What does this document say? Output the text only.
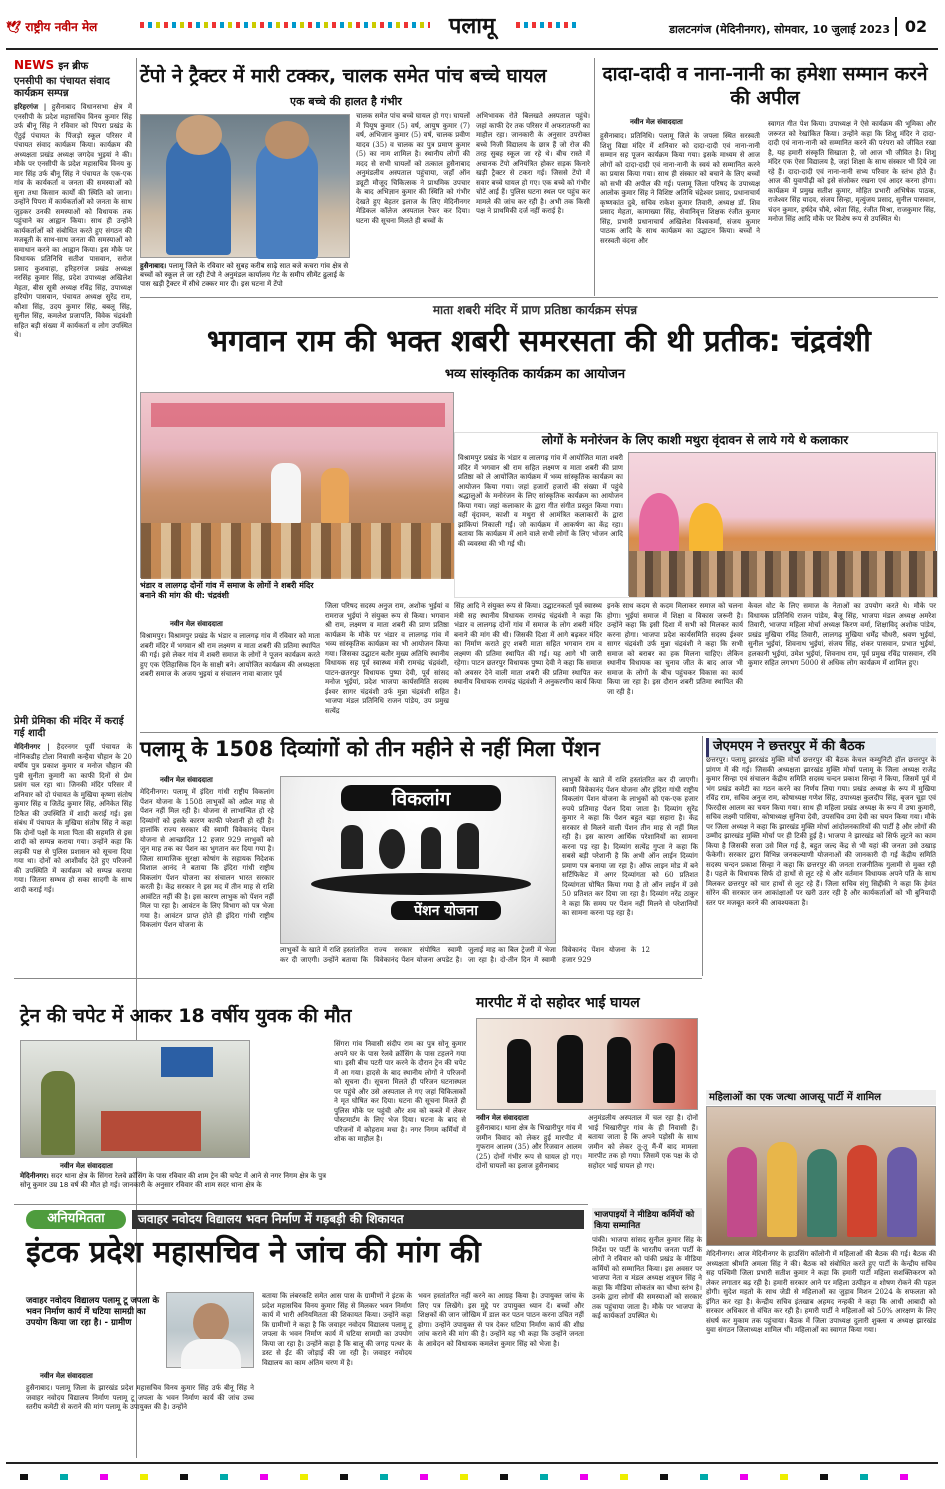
🕊 राष्ट्रीय नवीन मेल	पलामू	डालटनगंज (मेदिनीनगर), सोमवार, 10 जुलाई 2023 02
NEWS इन ब्रीफ
एनसीपी का पंचायत संवाद कार्यक्रम सम्पन्न
हरिहरगंज | हुसैनाबाद विधानसभा क्षेत्र में एनसीपी के प्रदेश महासचिव विनय कुमार सिंह उर्फ बीनू सिंह ने रविवार को पिपरा प्रखंड के ऐंठुई पंचायत के पिंजड़ो स्कूल परिसर में पंचायत संवाद कार्यक्रम किया। कार्यक्रम की अध्यक्षता प्रखंड अध्यक्ष जगदेव भुइयां ने की। मौके पर एनसीपी के प्रदेश महासचिव विनय कु मार सिंह उर्फ बीनू सिंह ने पंचायत के एक-एक गांव के कार्यकर्ता व जनता की समस्याओं को सुना तथा किसान कार्यों की स्थिति को जाना। उन्होंने पिपरा में कार्यकर्ताओं को जनता के साथ जुड़कर उनकी समस्याओं को विधायक तक पहुंचाने का आह्वान किया। साथ ही उन्होंने कार्यकर्ताओं को संबोधित करते हुए संगठन की मजबूती के साथ-साथ जनता की समस्याओं को समाधान करने का आह्वान किया। इस मौके पर विधायक प्रतिनिधि सतीश पासवान, सरोज प्रसाद कुशवाहा, हरिहरगंज प्रखंड अध्यक्ष नरसिंह कुमार सिंह, प्रदेश उपाध्यक्ष अखिलेश मेहता, बीस सूत्री अध्यक्ष रविंद्र सिंह, उपाध्यक्ष हरियोग पासवान, पंचायत अध्यक्ष सुरेंद्र राम, कौशा सिंह, उदय कुमार सिंह, बबलू सिंह, सुनील सिंह, कमलेश प्रजापति, विवेक चंद्रवंशी सहित बड़ी संख्या में कार्यकर्ता व लोग उपस्थित थे।
प्रेमी प्रेमिका की मंदिर में कराई गई शादी
मेदिनीनगर | हैदरनगर पूर्वी पंचायत के नोनिकडीह टोला निवासी कन्हैया चौहान के 20 वर्षीय पुत्र प्रकाश कुमार व मनोज चौहान की पुत्री सुनीता कुमारी का काफी दिनों से प्रेम प्रसंग चल रहा था। जिनकी मंदिर परिसर में शनिवार को दो पंचायत के मुखिया कृष्णा संतोष कुमार सिंह व जितेंद्र कुमार सिंह, अनिकेत सिंह टिकैत की उपस्थिति में शादी कराई गई। इस संबंध में पंचायत के मुखिया संतोष सिंह ने कहा कि दोनों पक्षों के माता पिता की सहमति से इस शादी को सम्पन्न कराया गया। उन्होंने कहा कि लड़की पक्ष से पुलिस प्रशासन को सूचना दिया गया था। दोनों को आशीर्वाद देते हुए परिजनों की उपस्थिति में कार्यक्रम को सम्पन्न कराया गया। जितना सम्भव हो सका सादगी के साथ शादी कराई गई।
टेंपो ने ट्रैक्टर में मारी टक्कर, चालक समेत पांच बच्चे घायल
एक बच्चे की हालत है गंभीर
हुसैनाबाद। पलामू जिले के रविवार को सुबह करीब साढ़े सात बजे कचरा गांव क्षेत्र से बच्चों को स्कूल ले जा रही टेंपो ने अनुमंडल कार्यालय गेट के समीप सीमेंट ढुलाई के पास खड़ी ट्रैक्टर में सीधे टक्कर मार दी। इस घटना में टेंपो
चालक समेत पांच बच्चे घायल हो गए। घायलों में पियूष कुमार (5) वर्ष, आयुष कुमार (7) वर्ष, अभिजान कुमार (5) वर्ष, चालक प्रवीण यादव (35) व चालक का पुत्र प्रमाण कुमार (5) का नाम शामिल है। स्थानीय लोगों की मदद से सभी घायलों को तत्काल हुसैनाबाद अनुमंडलीय अस्पताल पहुंचाया, जहाँ ऑन ड्यूटी मौजूद चिकित्सक ने प्राथमिक उपचार के बाद अभिज्ञान कुमार की स्थिति को गंभीर देखते हुए बेहतर इलाज के लिए मेदिनीनगर मेडिकल कॉलेज अस्पताल रेफर कर दिया। घटना की सूचना मिलते ही बच्चों के
अभिभावक रोते बिलखते अस्पताल पहुंचे। जहां काफी देर तक परिसर में अफरातफरी का माहौल रहा। जानकारी के अनुसार उपरोक्त बच्चे निजी विद्यालय के छात्र हैं जो रोज की तरह सुबह स्कूल जा रहे थे। बीच रास्ते में अचानक टेंपो अनियंत्रित होकर सड़क किनारे खड़ी ट्रैक्टर से टकरा गई। जिससे टेंपो में सवार बच्चे घायल हो गए। एक बच्चे को गंभीर चोटें आई हैं। पुलिस घटना स्थल पर पहुंच कर मामले की जांच कर रही है। अभी तक किसी पक्ष ने प्राथमिकी दर्ज नहीं कराई है।
दादा-दादी व नाना-नानी का हमेशा सम्मान करने की अपील
नवीन मेल संवाददाता
हुसैनाबाद। प्रतिनिधि। पलामू जिले के जपला स्थित सरस्वती शिशु विद्या मंदिर में शनिवार को दादा-दादी एवं नाना-नानी सम्मान सह पूजन कार्यक्रम किया गया। इसके माध्यम से आज लोगों को दादा-दादी एवं नाना-नानी के स्वयं को सम्मानित करने का प्रयास किया गया। साथ ही संस्कार को बचाने के लिए बच्चों को सभी की अपील की गई। पलामू जिला परिषद के उपाध्यक्ष आलोक कुमार सिंह ने विशिष्ट अतिथि चंद्रेश्वर प्रसाद, प्रधानाचार्य कृष्णकांत दुबे, सचिव राकेश कुमार तिवारी, अध्यक्ष डॉ. शिव प्रसाद मेहता, कामाख्या सिंह, सेवानिवृत्त शिक्षक रंजीत कुमार सिंह, प्रभारी प्रधानाचार्य अखिलेश विश्वकर्मा, संजय कुमार पाठक आदि के साथ कार्यक्रम का उद्घाटन किया। बच्चों ने सरस्वती वंदना और
स्वागत गीत पेश किया। उपाध्यक्ष ने ऐसे कार्यक्रम की भूमिका और जरूरत को रेखांकित किया। उन्होंने कहा कि शिशु मंदिर ने दादा-दादी एवं नाना-नानी को सम्मानित करने की परंपरा को जीवित रखा है, यह हमारी संस्कृति सिखाता है, जो आज भी जीवित है। शिशु मंदिर एक ऐसा विद्यालय है, जहां शिक्षा के साथ संस्कार भी दिये जा रहे हैं। दादा-दादी एवं नाना-नानी सभ्य परिवार के स्तंभ होते हैं। आज की युवापीढ़ी को इसे संजोकर रखना एवं आदर करना होगा। कार्यक्रम में प्रमुख सतीश कुमार, मोहित प्रभारी अभिषेक पाठक, राजेश्वर सिंह यादव, संजय सिन्हा, मृत्युंजय प्रसाद, सुनील पासवान, चंदन कुमार, हर्षदेव चौबे, श्वेता सिंह, रंजीत मिश्रा, राजकुमार सिंह, मनोज सिंह आदि मौके पर विशेष रूप से उपस्थित थे।
माता शबरी मंदिर में प्राण प्रतिष्ठा कार्यक्रम संपन्न
भगवान राम की भक्त शबरी समरसता की थी प्रतीक: चंद्रवंशी
भव्य सांस्कृतिक कार्यक्रम का आयोजन
भंडार व लालगढ़ दोनों गांव में समाज के लोगों ने शबरी मंदिर बनाने की मांग की थी: चंद्रवंशी
लोगों के मनोरंजन के लिए काशी मथुरा वृंदावन से लाये गये थे कलाकार
विश्रामपुर प्रखंड के भंडार व लालगढ़ गांव में आयोजित माता शबरी मंदिर में भगवान श्री राम सहित लक्ष्मण व माता शबरी की प्राण प्रतिष्ठा को ले आयोजित कार्यक्रम में भव्य सांस्कृतिक कार्यक्रम का आयोजन किया गया। जहां हजारों हजारों की संख्या में पहुंचे श्रद्धालुओं के मनोरंजन के लिए सांस्कृतिक कार्यक्रम का आयोजन किया गया। जहां कलाकार के द्वारा गीत संगीत प्रस्तुत किया गया। वहीं वृंदावन, काशी व मथुरा से आमंत्रित कलाकारों के द्वारा झांकियां निकाली गईं। जो कार्यक्रम में आकर्षण का केंद्र रहा। बताया कि कार्यक्रम में आने वाले सभी लोगों के लिए भोजन आदि की व्यवस्था की भी गई थी।
नवीन मेल संवाददाता
विश्रामपुर। विश्रामपुर प्रखंड के भंडार व लालगढ़ गांव में रविवार को माता शबरी मंदिर में भगवान श्री राम लक्ष्मण व माता शबरी की प्रतिमा स्थापित की गई। इसे लेकर गांव में शबरी समाज के लोगों ने पूजन कार्यक्रम करते हुए एक ऐतिहासिक दिन के साक्षी बने। आयोजित कार्यक्रम की अध्यक्षता शबरी समाज के अजय भुइयां व संचालन नावा बाजार पूर्व
जिला परिषद सदस्य अनुज राम, अशोक भुईयां व रामराज भुईयां ने संयुक्त रूप से किया। भगवान श्री राम, लक्ष्मण व माता शबरी की प्राण प्रतिष्ठा कार्यक्रम के मौके पर भंडार व लालगढ़ गांव में भव्य सांस्कृतिक कार्यक्रम का भी आयोजन किया गया। जिसका उद्घाटन बतौर मुख्य अतिथि स्थानीय विधायक सह पूर्व स्वास्थ्य मंत्री रामचंद्र चंद्रवंशी, पाटन-छतरपुर विधायक पुष्पा देवी, पूर्व सांसद मनोज भुईयां, प्रदेश भाजपा कार्यसमिति सदस्य ईश्वर सागर चंद्रवंशी उर्फ मुन्ना चंद्रवंशी सहित भाजपा मंडल प्रतिनिधि राजन पांडेय, उप प्रमुख सत्येंद्र
सिंह आदि ने संयुक्त रूप से किया। उद्घाटनकर्ता पूर्व स्वास्थ्य मंत्री सह स्थानीय विधायक रामचंद्र चंद्रवंशी ने कहा कि भंडार व लालगढ़ दोनों गांव में समाज के लोग शबरी मंदिर बनाने की मांग की थी। जिसकी दिशा में आगे बढ़कर मंदिर का निर्माण कराते हुए शबरी माता सहित भगवान राम व लक्ष्मण की प्रतिमा स्थापित की गई। यह आगे भी जारी रहेगा। पाटन छतरपुर विधायक पुष्पा देवी ने कहा कि समाज को अवसर देने वाली माता शबरी की प्रतिमा स्थापित कर स्थानीय विधायक रामचंद्र चंद्रवंशी ने अनुकरणीय कार्य किया है।
इनके साथ कदम से कदम मिलाकर समाज को चलना होगा। भुईयां समाज में शिक्षा व विकास जरूरी है। उन्होंने कहा कि इसी दिशा में सभी को मिलकर कार्य करना होगा। भाजपा प्रदेश कार्यसमिति सदस्य ईश्वर सागर चंद्रवंशी उर्फ मुन्ना चंद्रवंशी ने कहा कि सभी समाज को बराबर का हक मिलना चाहिए। लेकिन स्थानीय विधायक का चुनाव जीत के बाद आज भी समाज के लोगों के बीच पहुंचकर विकास का कार्य किया जा रहा है। इस दौरान शबरी प्रतिमा स्थापित की जा रही है।
केवल वोट के लिए समाज के नेताओं का उपयोग करते थे। मौके पर विधायक प्रतिनिधि राजन पांडेय, बैजू सिंह, भाजपा मंडल अध्यक्ष अमरेश तिवारी, भाजपा महिला मोर्चा अध्यक्ष किरण वर्मा, शिक्षाविद् अशोक पांडेय, प्रखंड मुखिया रविंद्र तिवारी, लालगढ़ मुखिया धर्मेंद्र चौधरी, श्रवण भुईयां, सुनील भुईयां, शिवनाथ भुईयां, संजय सिंह, शंकर पासवान, प्रभात भुईयां, हलकानी भुईयां, उमेश भुईयां, शिवनाथ राम, पूर्व प्रमुख रविंद्र पासवान, रवि कुमार सहित लगभग 5000 से अधिक लोग कार्यक्रम में शामिल हुए।
पलामू के 1508 दिव्यांगों को तीन महीने से नहीं मिला पेंशन
नवीन मेल संवाददाता
मेदिनीनगर। पलामू में इंदिरा गांधी राष्ट्रीय विकलांग पेंशन योजना के 1508 लाभुकों को अप्रैल माह से पेंशन नहीं मिल रही है। योजना से लाभान्वित हो रहे दिव्यांगों को इसके कारण काफी परेशानी हो रही है। हालांकि राज्य सरकार की स्वामी विवेकानंद पेंशन योजना से आच्छादित 12 हजार 929 लाभुकों को जून माह तक का पेंशन का भुगतान कर दिया गया है। जिला सामाजिक सुरक्षा कोषांग के सहायक निदेशक विशाल आनंद ने बताया कि इंदिरा गांधी राष्ट्रीय विकलांग पेंशन योजना का संचालन भारत सरकार करती है। केंद्र सरकार ने इस मद में तीन माह से राशि आवंटित नहीं की है। इस कारण लाभुक को पेंशन नहीं मिल पा रहा है। आवंटन के लिए विभाग को पत्र भेजा गया है। आवंटन प्राप्त होते ही इंदिरा गांधी राष्ट्रीय विकलांग पेंशन योजना के
विकलांग
पेंशन योजना
लाभुकों के खाते में राशि हस्तांतरित कर दी जाएगी। उन्होंने बताया कि राज्य सरकार संपोषित स्वामी विवेकानंद पेंशन योजना अपडेट है। जुलाई माह का बिल ट्रेजरी में भेजा जा रहा है। दो-तीन दिन में स्वामी विवेकानंद पेंशन योजना के 12 हजार 929
लाभुकों के खाते में राशि हस्तांतरित कर दी जाएगी। स्वामी विवेकानंद पेंशन योजना और इंदिरा गांधी राष्ट्रीय विकलांग पेंशन योजना के लाभुकों को एक-एक हजार रुपये प्रतिमाह पेंशन दिया जाता है। दिव्यांग सुरेंद्र कुमार ने कहा कि पेंशन बहुत बड़ा सहारा है। केंद्र सरकार से मिलने वाली पेंशन तीन माह से नहीं मिल रही है। इस कारण आर्थिक परेशानियों का सामना करना पड़ रहा है। दिव्यांग सत्येंद्र गुप्ता ने कहा कि सबसे बड़ी परेशानी है कि अभी ऑन लाईन दिव्यांग प्रमाण पत्र बनाया जा रहा है। ऑफ लाइन मोड में बने सर्टिफिकेट में अगर दिव्यांगता को 60 प्रतिशत दिव्यांगता घोषित किया गया है तो ऑन लाईन में उसे 50 प्रतिशत कर दिया जा रहा है। दिव्यांग नरेंद्र ठाकुर ने कहा कि समय पर पेंशन नहीं मिलने से परेशानियों का सामना करना पड़ रहा है।
जेएमएम ने छत्तरपुर में की बैठक
छत्तरपुर। पलामू झारखंड मुक्ति मोर्चा छत्तरपुर की बैठक केचल कम्युनिटी हॉल छत्तरपुर के प्रांगण में की गई। जिसकी अध्यक्षता झारखंड मुक्ति मोर्चा पलामू के जिला अध्यक्ष राजेंद्र कुमार सिन्हा एवं संचालन केंद्रीय समिति सदस्य चन्दन प्रकाश सिन्हा ने किया, जिसमें पूर्व में भंग प्रखंड कमेटी का गठन करने का निर्णय लिया गया। प्रखंड अध्यक्ष के रूप में मुखिया रविंद्र राम, सचिव अनुज राम, कोषाध्यक्ष गणेश सिंह, उपाध्यक्ष कुलदीप सिंह, बृजन चूड़ा एवं फिरदौस आलम का चयन किया गया। साथ ही महिला प्रखंड अध्यक्ष के रूप में उषा कुमारी, सचिव लक्ष्मी पासिया, कोषाध्यक्ष सुनिया देवी, उपसचिव उमा देवी का चयन किया गया। मौके पर जिला अध्यक्ष ने कहा कि झारखंड मुक्ति मोर्चा आंदोलनकारियों की पार्टी है और लोगों की उम्मीद झारखंड मुक्ति मोर्चा पर ही टिकी हुई है। भाजपा ने झारखंड को सिर्फ लूटने का काम किया है जिसकी सजा उसे मिल गई है, बहुत जल्द केंद्र से भी यहां की जनता उसे उखाड़ फेंकेगी। सरकार द्वारा विभिन्न जनकल्याणी योजनाओं की जानकारी दी गई केंद्रीय समिति सदस्य चन्दन प्रकाश सिन्हा ने कहा कि छत्तरपुर की जनता राजनीतिक गुलामी से मुक्त रही है। पहले के विधायक सिर्फ दो हाथों से लूट रहे थे और वर्तमान विधायक अपने पति के साथ मिलकर छत्तरपुर को चार हाथों से लूट रहे हैं। जिला सचिव संगु सिद्दीकी ने कहा कि हेमंत सोरेन की सरकार जन आकांक्षाओं पर खरी उतर रही है और कार्यकर्ताओं को भी बुनियादी स्तर पर मजबूत करने की आवश्यकता है।
महिलाओं का एक जत्था आजसू पार्टी में शामिल
मेदिनीनगर। आज मेदिनीनगर के हाउसिंग कॉलोनी में महिलाओं की बैठक की गई। बैठक की अध्यक्षता श्रीमति अमला सिंह ने की। बैठक को संबोधित करते हुए पार्टी के केन्द्रीय सचिव सह पश्चिमी जिला प्रभारी सतीश कुमार ने कहा कि हमारी पार्टी महिला सशक्तिकरण को लेकर लगातार बढ़ रही है। हमारी सरकार आने पर महिला उत्पीड़न व शोषण रोकने की पहल होगी। सुदेश महतो के साथ जेडी से महिलाओं का जुड़ाव मिशन 2024 के सफलता को इंगित कर रहा है। केन्द्रीय सचिव इंतखाब अहमद नन्हकी ने कहा कि आधी आबादी को सरकार अधिकार से वंचित कर रही है। हमारी पार्टी ने महिलाओं को 50% आरक्षण के लिए संघर्ष कर मुकाम तक पहुंचाया। बैठक में जिला उपाध्यक्ष दुलारी शुक्ला व अध्यक्ष झारखंड युवा संगठन जिलाध्यक्ष शामिल थीं। महिलाओं का स्वागत किया गया।
ट्रेन की चपेट में आकर 18 वर्षीय युवक की मौत
नवीन मेल संवाददाता
मेदिनीनगर। सदर थाना क्षेत्र के सिंगरा रेलवे क्रॉसिंग के पास रविवार की शाम ट्रेन की चपेट में आने से नगर निगम क्षेत्र के पुत्र सोनू कुमार उम्र 18 वर्ष की मौत हो गई। जानकारी के अनुसार रविवार की शाम सदर थाना क्षेत्र के
सिंगरा गांव निवासी संदीप राम का पुत्र सोनू कुमार अपने घर के पास रेलवे क्रॉसिंग के पास टहलने गया था। इसी बीच पटरी पार करने के दौरान ट्रेन की चपेट में आ गया। हादसे के बाद स्थानीय लोगों ने परिजनों को सूचना दी। सूचना मिलते ही परिजन घटनास्थल पर पहुंचे और उसे अस्पताल ले गए जहां चिकित्सकों ने मृत घोषित कर दिया। घटना की सूचना मिलते ही पुलिस मौके पर पहुंची और शव को कब्जे में लेकर पोस्टमार्टम के लिए भेज दिया। घटना के बाद से परिजनों में कोहराम मचा है। नगर निगम कर्मियों में शोक का माहौल है।
मारपीट में दो सहोदर भाई घायल
नवीन मेल संवाददाता
हुसैनाबाद। थाना क्षेत्र के भिखारीपुर गांव में जमीन विवाद को लेकर हुई मारपीट में गुफरान आलम (35) और रिजवान आलम (25) दोनों गंभीर रूप से घायल हो गए। दोनों घायलों का इलाज हुसैनाबाद
अनुमंडलीय अस्पताल में चल रहा है। दोनों भाई भिखारीपुर गांव के ही निवासी हैं। बताया जाता है कि अपने पड़ोसी के साथ जमीन को लेकर तू-तू मैं-मैं बाद मामला मारपीट तक हो गया। जिसमें एक पक्ष के दो सहोदर भाई घायल हो गए।
अनियमितता	जवाहर नवोदय विद्यालय भवन निर्माण में गड़बड़ी की शिकायत
इंटक प्रदेश महासचिव ने जांच की मांग की
जवाहर नवोदय विद्यालय पलामू टू जपला के भवन निर्माण कार्य में घटिया सामग्री का उपयोग किया जा रहा है। - ग्रामीण
नवीन मेल संवाददाता
हुसैनाबाद। पलामू जिला के झारखंड प्रदेश महासचिव विनय कुमार सिंह उर्फ बीनू सिंह ने जवाहर नवोदय विद्यालय निर्माण पलामू टू जपला के भवन निर्माण कार्य की जांच उच्च स्तरीय कमेटी से कराने की मांग पलामू के उपायुक्त की है। उन्होंने
बताया कि लंबरकटि समेत आस पास के ग्रामीणों ने इंटक के प्रदेश महासचिव विनय कुमार सिंह से मिलकर भवन निर्माण कार्य में भारी अनियमितता की शिकायत किया। उन्होंने कहा कि ग्रामीणों ने कहा है कि जवाहर नवोदय विद्यालय पलामू टू जपला के भवन निर्माण कार्य में घटिया सामग्री का उपयोग किया जा रहा है। उन्होंने कहा है कि बालू की जगह पत्थर के डस्ट से ईंट की जोड़ाई की जा रही है। जवाहर नवोदय विद्यालय का काम अंतिम चरण में है।
भवन हस्तांतरित नहीं करने का आग्रह किया है। उपायुक्त जांच के लिए पत्र लिखेंगे। इस मुद्दे पर उपायुक्त ध्यान दें। बच्चों और शिक्षकों की जान जोखिम में डाल कर पठन पाठन करना उचित नहीं होगा। उन्होंने उपायुक्त से पत्र देकर घटिया निर्माण कार्य की शीघ्र जांच कराने की मांग की है। उन्होंने यह भी कहा कि उन्होंने जनता के आवेदन को विधायक कमलेश कुमार सिंह को भेजा है।
भाजपाइयों ने मीडिया कर्मियों को किया सम्मानित
पांकी। भाजपा सांसद सुनील कुमार सिंह के निर्देश पर पार्टी के भारतीय जनता पार्टी के लोगों ने रविवार को पांकी प्रखंड के मीडिया कर्मियों को सम्मानित किया। इस अवसर पर भाजपा नेता व मंडल अध्यक्ष शत्रुघन सिंह ने कहा कि मीडिया लोकतंत्र का चौथा स्तंभ है। उनके द्वारा लोगों की समस्याओं को सरकार तक पहुंचाया जाता है। मौके पर भाजपा के कई कार्यकर्ता उपस्थित थे।
